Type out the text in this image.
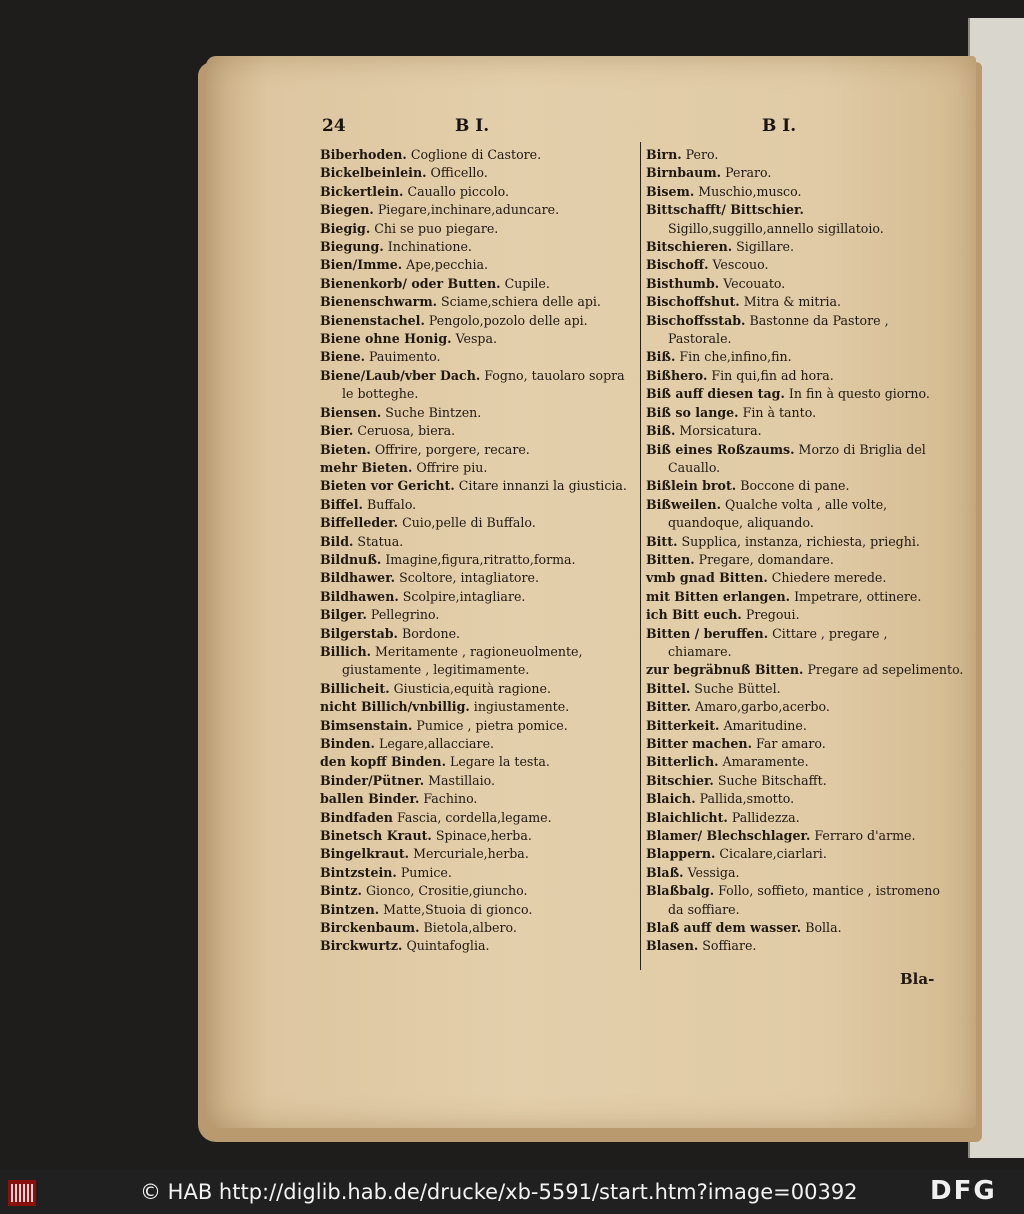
24	B I.	B I.
Biberhoden. Coglione di Castore.
Bickelbeinlein. Officello.
Bickertlein. Cauallo piccolo.
Biegen. Piegare,inchinare,aduncare.
Biegig. Chi se puo piegare.
Biegung. Inchinatione.
Bien/Imme. Ape,pecchia.
Bienenkorb/ oder Butten. Cupile.
Bienenschwarm. Sciame,schiera delle api.
Bienenstachel. Pengolo,pozolo delle api.
Biene ohne Honig. Vespa.
Biene. Pauimento.
Biene/Laub/vber Dach. Fogno, tauolaro sopra le botteghe.
Biensen. Suche Bintzen.
Bier. Ceruosa, biera.
Bieten. Offrire, porgere, recare.
mehr Bieten. Offrire piu.
Bieten vor Gericht. Citare innanzi la giusticia.
Biffel. Buffalo.
Biffelleder. Cuio,pelle di Buffalo.
Bild. Statua.
Bildnuß. Imagine,figura,ritratto,forma.
Bildhawer. Scoltore, intagliatore.
Bildhawen. Scolpire,intagliare.
Bilger. Pellegrino.
Bilgerstab. Bordone.
Billich. Meritamente , ragioneuolmente, giustamente , legitimamente.
Billicheit. Giusticia,equità ragione.
nicht Billich/vnbillig. ingiustamente.
Bimsenstain. Pumice , pietra pomice.
Binden. Legare,allacciare.
den kopff Binden. Legare la testa.
Binder/Pütner. Mastillaio.
ballen Binder. Fachino.
Bindfaden Fascia, cordella,legame.
Binetsch Kraut. Spinace,herba.
Bingelkraut. Mercuriale,herba.
Bintzstein. Pumice.
Bintz. Gionco, Crositie,giuncho.
Bintzen. Matte,Stuoia di gionco.
Birckenbaum. Bietola,albero.
Birckwurtz. Quintafoglia.
Birn. Pero.
Birnbaum. Peraro.
Bisem. Muschio,musco.
Bittschafft/ Bittschier. Sigillo,suggillo,annello sigillatoio.
Bitschieren. Sigillare.
Bischoff. Vescouo.
Bisthumb. Vecouato.
Bischoffshut. Mitra & mitria.
Bischoffsstab. Bastonne da Pastore , Pastorale.
Biß. Fin che,infino,fin.
Bißhero. Fin qui,fin ad hora.
Biß auff diesen tag. In fin à questo giorno.
Biß so lange. Fin à tanto.
Biß. Morsicatura.
Biß eines Roßzaums. Morzo di Briglia del Cauallo.
Bißlein brot. Boccone di pane.
Bißweilen. Qualche volta , alle volte, quandoque, aliquando.
Bitt. Supplica, instanza, richiesta, prieghi.
Bitten. Pregare, domandare.
vmb gnad Bitten. Chiedere merede.
mit Bitten erlangen. Impetrare, ottinere.
ich Bitt euch. Pregoui.
Bitten / beruffen. Cittare , pregare , chiamare.
zur begräbnuß Bitten. Pregare ad sepelimento.
Bittel. Suche Büttel.
Bitter. Amaro,garbo,acerbo.
Bitterkeit. Amaritudine.
Bitter machen. Far amaro.
Bitterlich. Amaramente.
Bitschier. Suche Bitschafft.
Blaich. Pallida,smotto.
Blaichlicht. Pallidezza.
Blamer/ Blechschlager. Ferraro d'arme.
Blappern. Cicalare,ciarlari.
Blaß. Vessiga.
Blaßbalg. Follo, soffieto, mantice , istromeno da soffiare.
Blaß auff dem wasser. Bolla.
Blasen. Soffiare.
Bla-
© HAB http://diglib.hab.de/drucke/xb-5591/start.htm?image=00392	DFG
